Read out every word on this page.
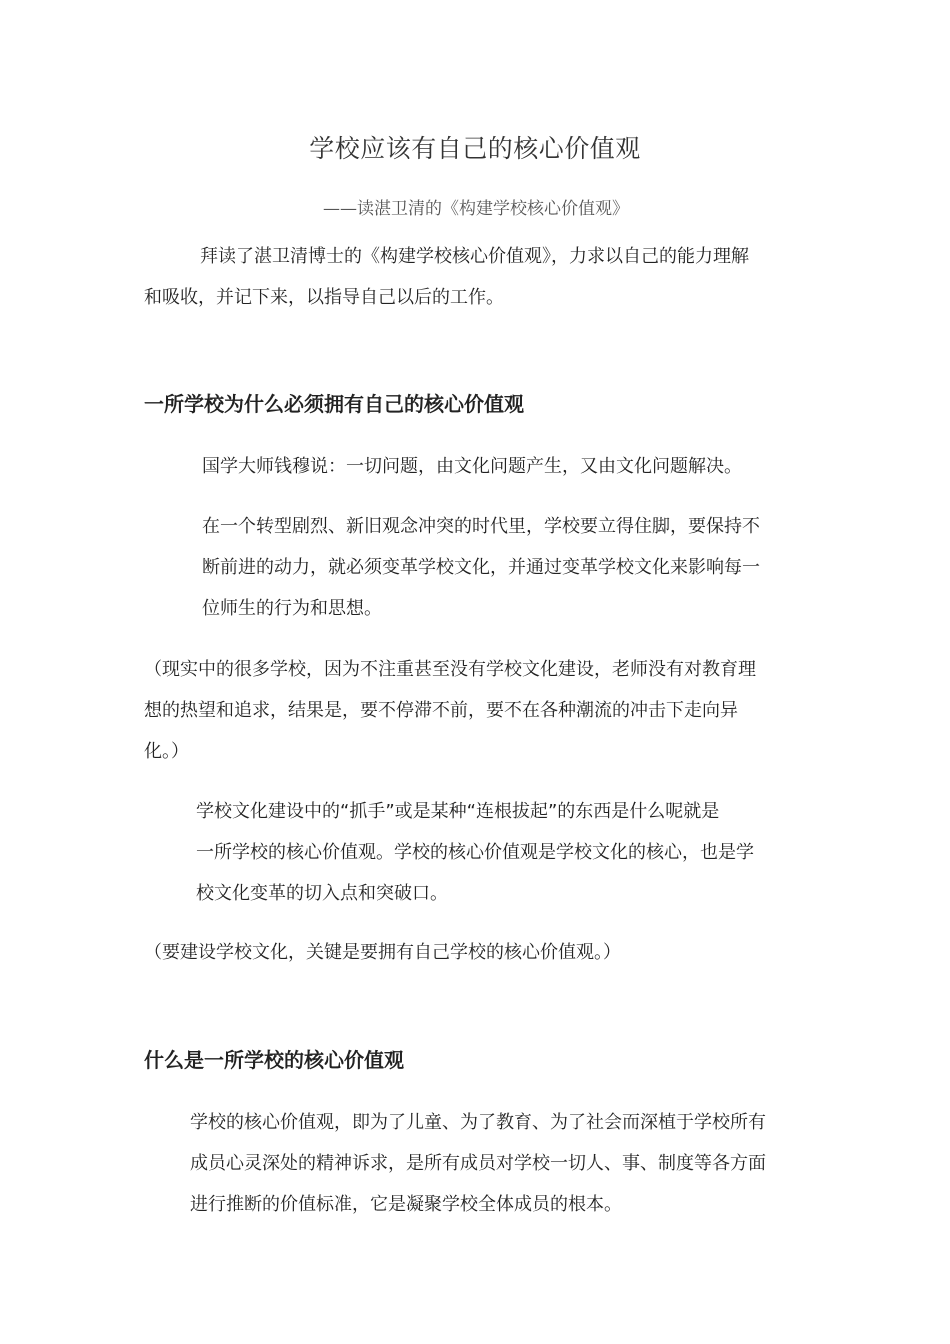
学校应该有自己的核心价值观
——读湛卫清的《构建学校核心价值观》
拜读了湛卫清博士的《构建学校核心价值观》，力求以自己的能力理解
和吸收，并记下来，以指导自己以后的工作。
一所学校为什么必须拥有自己的核心价值观
国学大师钱穆说：一切问题，由文化问题产生，又由文化问题解决。
在一个转型剧烈、新旧观念冲突的时代里，学校要立得住脚，要保持不
断前进的动力，就必须变革学校文化，并通过变革学校文化来影响每一
位师生的行为和思想。
（现实中的很多学校，因为不注重甚至没有学校文化建设，老师没有对教育理
想的热望和追求，结果是，要不停滞不前，要不在各种潮流的冲击下走向异
化。）
学校文化建设中的“抓手”或是某种“连根拔起”的东西是什么呢就是
一所学校的核心价值观。学校的核心价值观是学校文化的核心，也是学
校文化变革的切入点和突破口。
（要建设学校文化，关键是要拥有自己学校的核心价值观。）
什么是一所学校的核心价值观
学校的核心价值观，即为了儿童、为了教育、为了社会而深植于学校所有
成员心灵深处的精神诉求，是所有成员对学校一切人、事、制度等各方面
进行推断的价值标准，它是凝聚学校全体成员的根本。
